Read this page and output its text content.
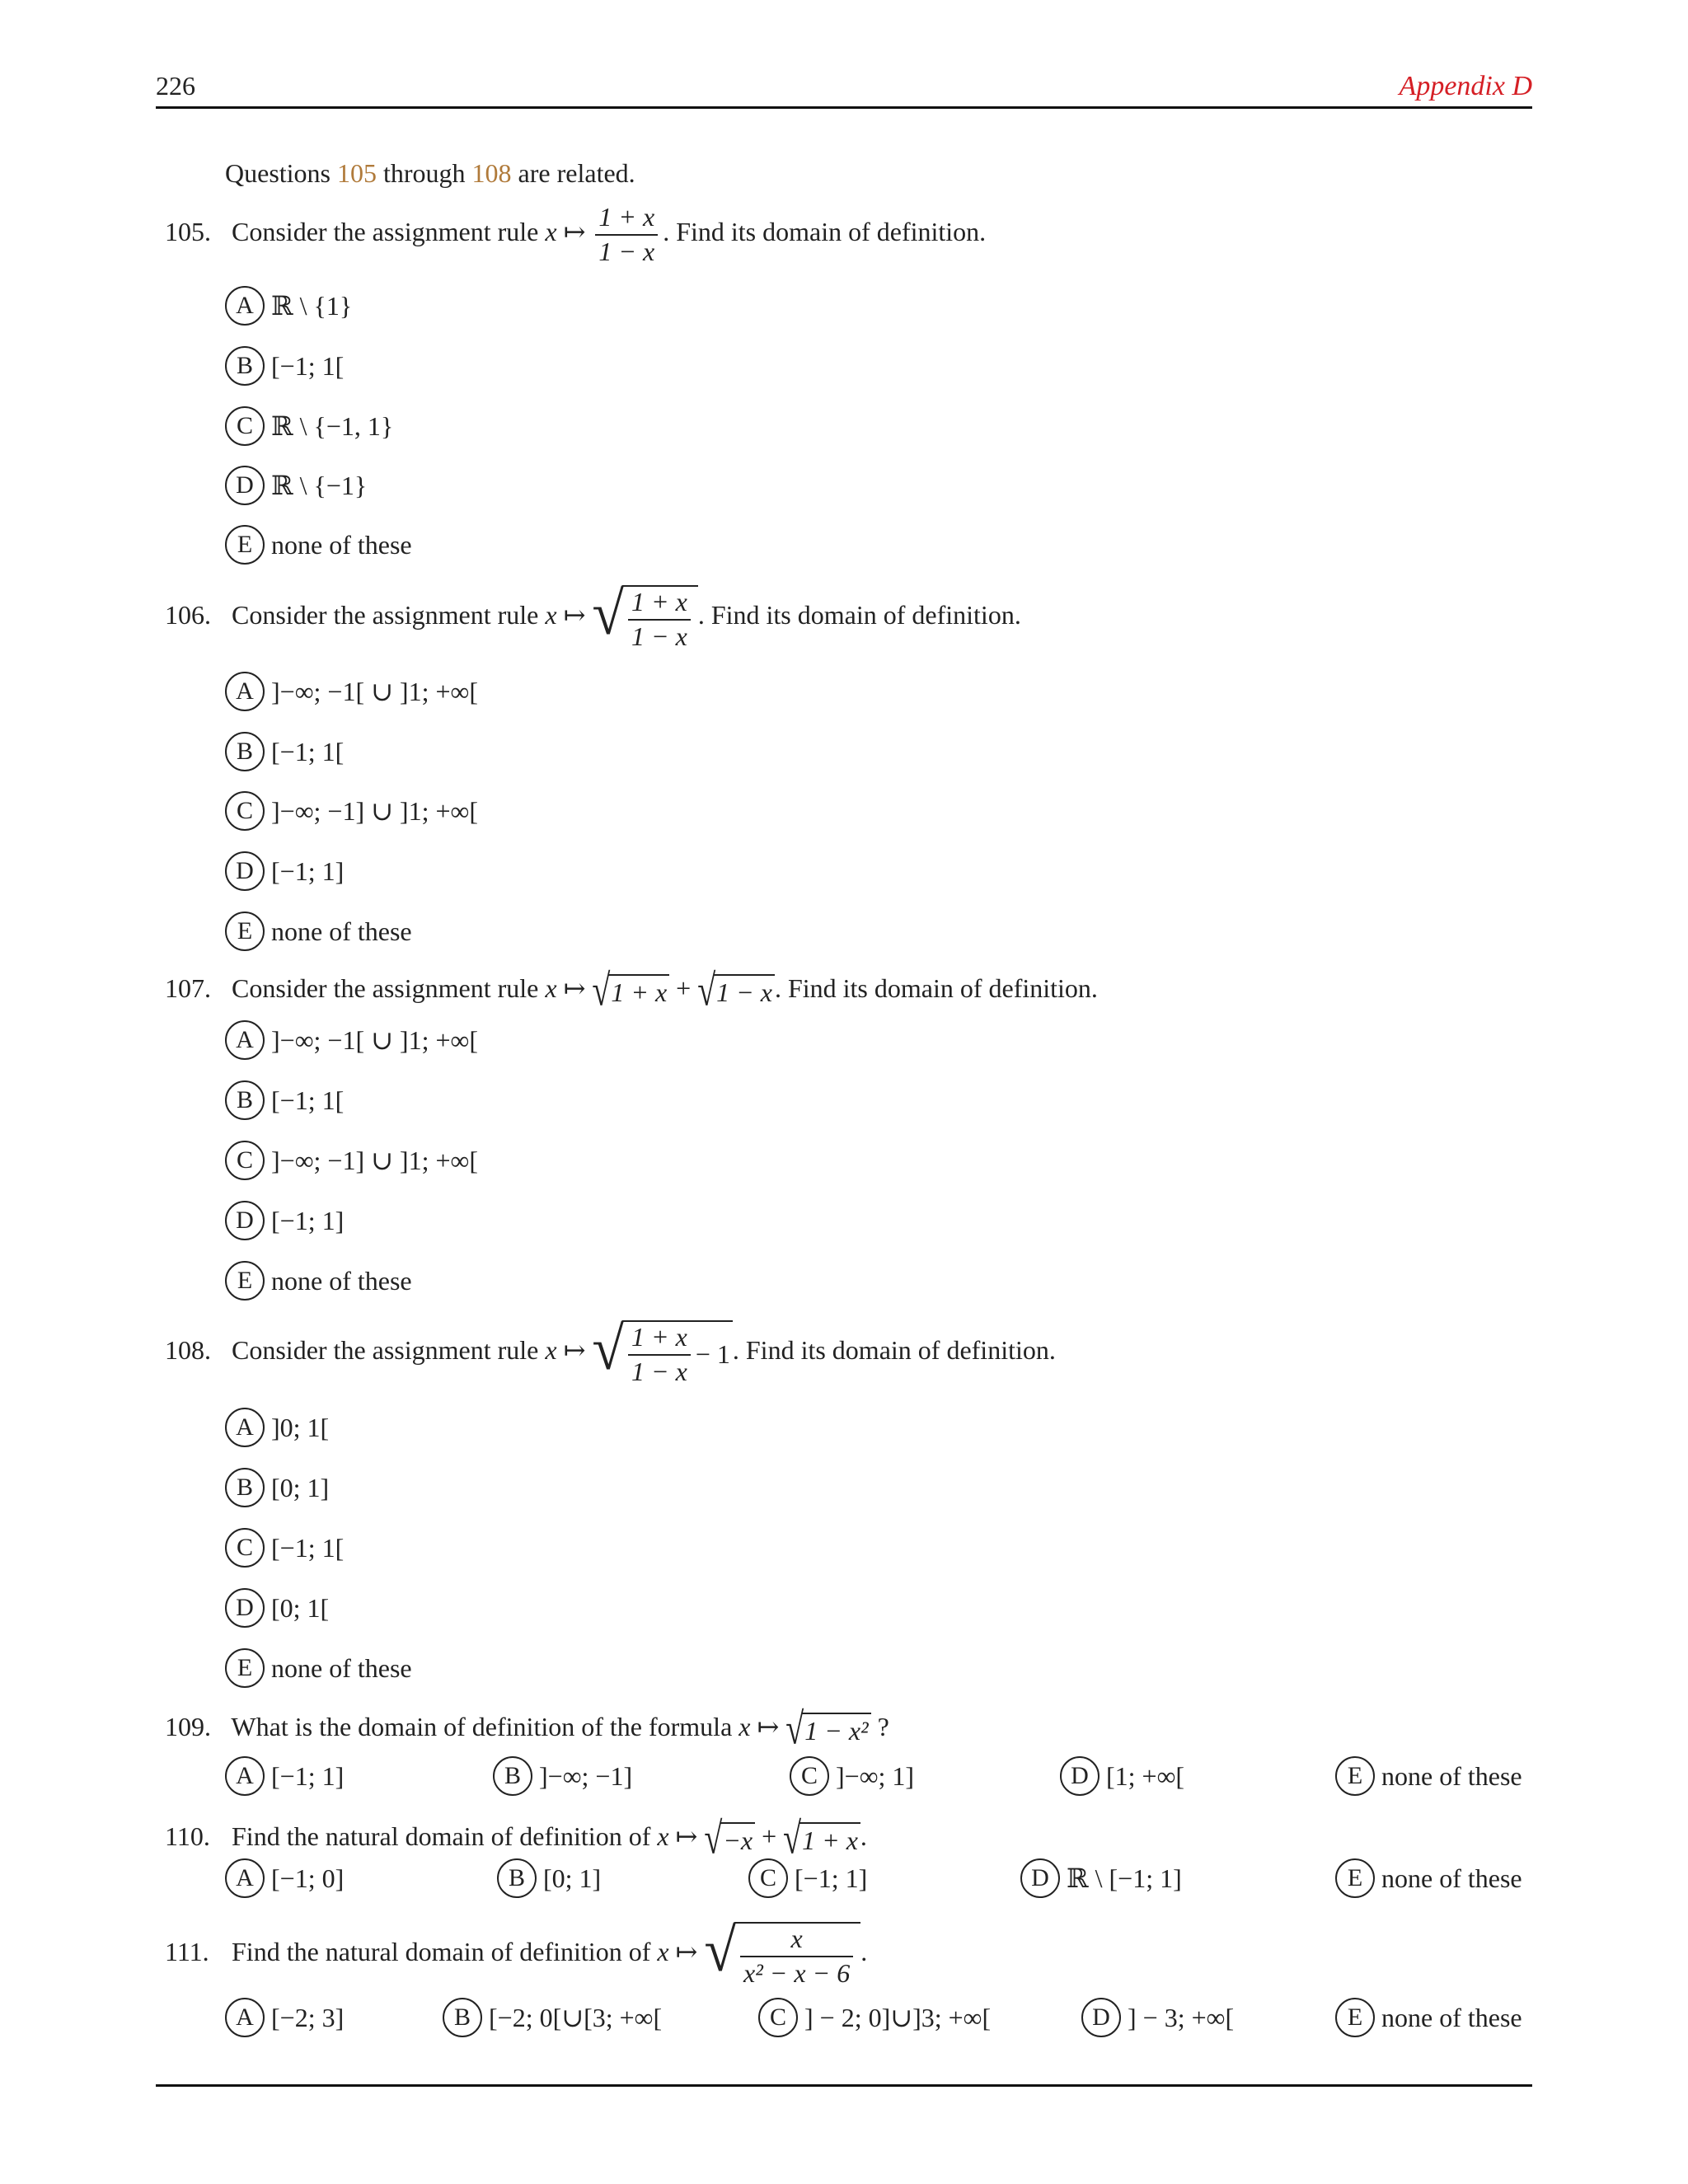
226	Appendix D
Questions 105 through 108 are related.
105. Consider the assignment rule x ↦ $\frac{1 + x}{1 - x}$ . Find its domain of definition.
A ℝ \ {1}
B [−1; 1[
C ℝ \ {−1, 1}
D ℝ \ {−1}
E none of these
106. Consider the assignment rule x ↦ √ $\frac{1 + x}{1 - x}$ . Find its domain of definition.
A ]−∞; −1[ ∪ ]1; +∞[
B [−1; 1[
C ]−∞; −1] ∪ ]1; +∞[
D [−1; 1]
E none of these
107. Consider the assignment rule x ↦ √ 1 + x + √ 1 − x . Find its domain of definition.
A ]−∞; −1[ ∪ ]1; +∞[
B [−1; 1[
C ]−∞; −1] ∪ ]1; +∞[
D [−1; 1]
E none of these
108. Consider the assignment rule x ↦ √ $\frac{1 + x}{1 - x} - 1$ . Find its domain of definition.
A ]0; 1[
B [0; 1]
C [−1; 1[
D [0; 1[
E none of these
109. What is the domain of definition of the formula x ↦ √ 1 − x² ?
A [−1; 1]	B ]−∞; −1]	C ]−∞; 1]	D [1; +∞[	E none of these
110. Find the natural domain of definition of x ↦ √ −x + √ 1 + x .
A [−1; 0]	B [0; 1]	C [−1; 1]	D ℝ \ [−1; 1]	E none of these
111. Find the natural domain of definition of x ↦ √ $\frac{x}{\text{x² − x − 6}}$ .
A [−2; 3]	B [−2; 0[∪[3; +∞[	C ] − 2; 0]∪]3; +∞[	D ] − 3; +∞[	E none of these
